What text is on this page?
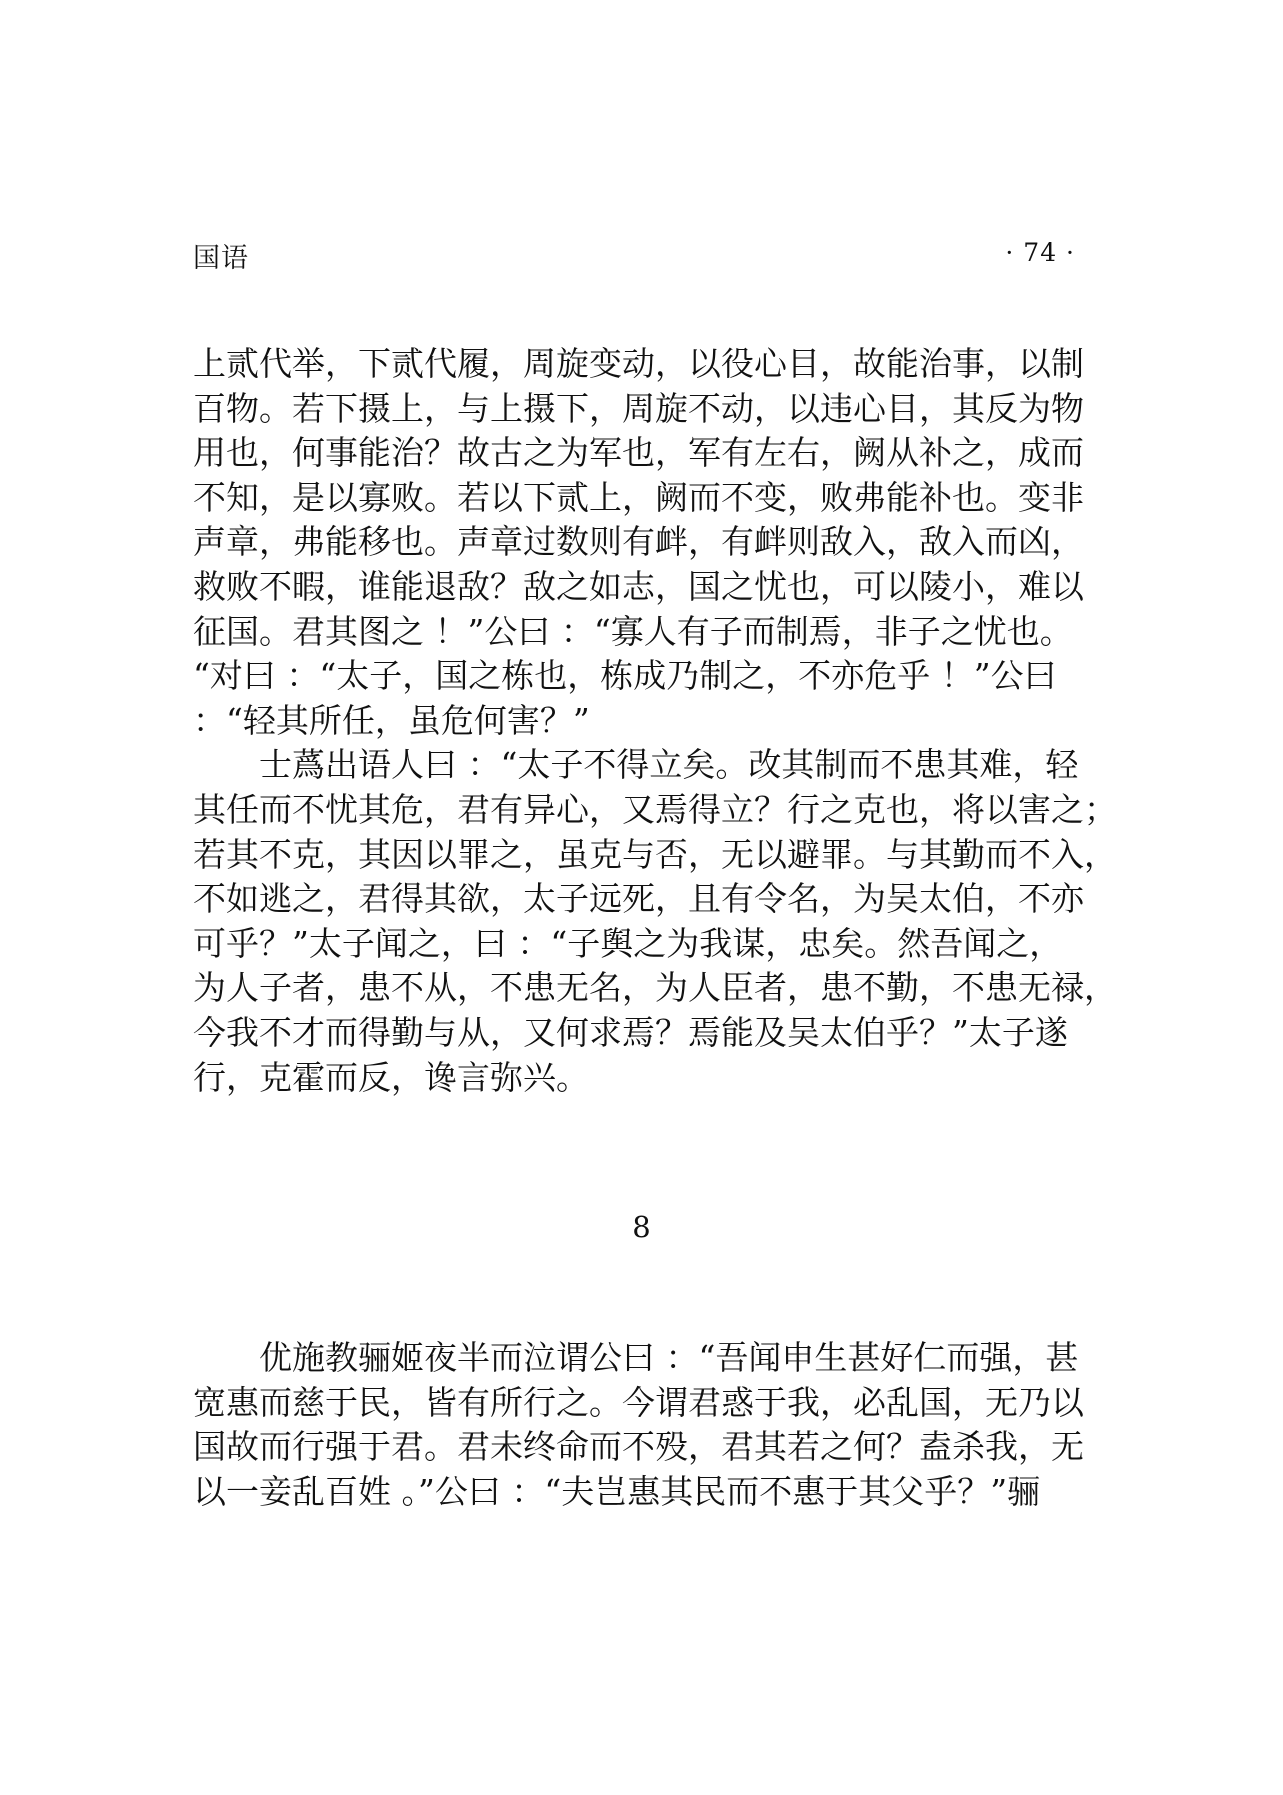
国语	· 74 ·
上贰代举，下贰代履，周旋变动，以役心目，故能治事，以制
百物。若下摄上，与上摄下，周旋不动，以违心目，其反为物
用也，何事能治？故古之为军也，军有左右，阙从补之，成而
不知，是以寡败。若以下贰上，阙而不变，败弗能补也。变非
声章，弗能移也。声章过数则有衅，有衅则敌入，敌入而凶，
救败不暇，谁能退敌？敌之如志，国之忧也，可以陵小，难以
征国。君其图之 ！”公曰 ：“寡人有子而制焉，非子之忧也。
“对曰 ：“太子，国之栋也，栋成乃制之，不亦危乎 ！”公曰
：“轻其所任，虽危何害？”
　　士蔿出语人曰 ：“太子不得立矣。改其制而不患其难，轻
其任而不忧其危，君有异心，又焉得立？行之克也，将以害之；
若其不克，其因以罪之，虽克与否，无以避罪。与其勤而不入，
不如逃之，君得其欲，太子远死，且有令名，为吴太伯，不亦
可乎？”太子闻之，曰 ：“子舆之为我谋，忠矣。然吾闻之，
为人子者，患不从，不患无名，为人臣者，患不勤，不患无禄，
今我不才而得勤与从，又何求焉？焉能及吴太伯乎？”太子遂
行，克霍而反，谗言弥兴。
8
　　优施教骊姬夜半而泣谓公曰 ：“吾闻申生甚好仁而强，甚
宽惠而慈于民，皆有所行之。今谓君惑于我，必乱国，无乃以
国故而行强于君。君未终命而不殁，君其若之何？盍杀我，无
以一妾乱百姓 。”公曰 ：“夫岂惠其民而不惠于其父乎？”骊
